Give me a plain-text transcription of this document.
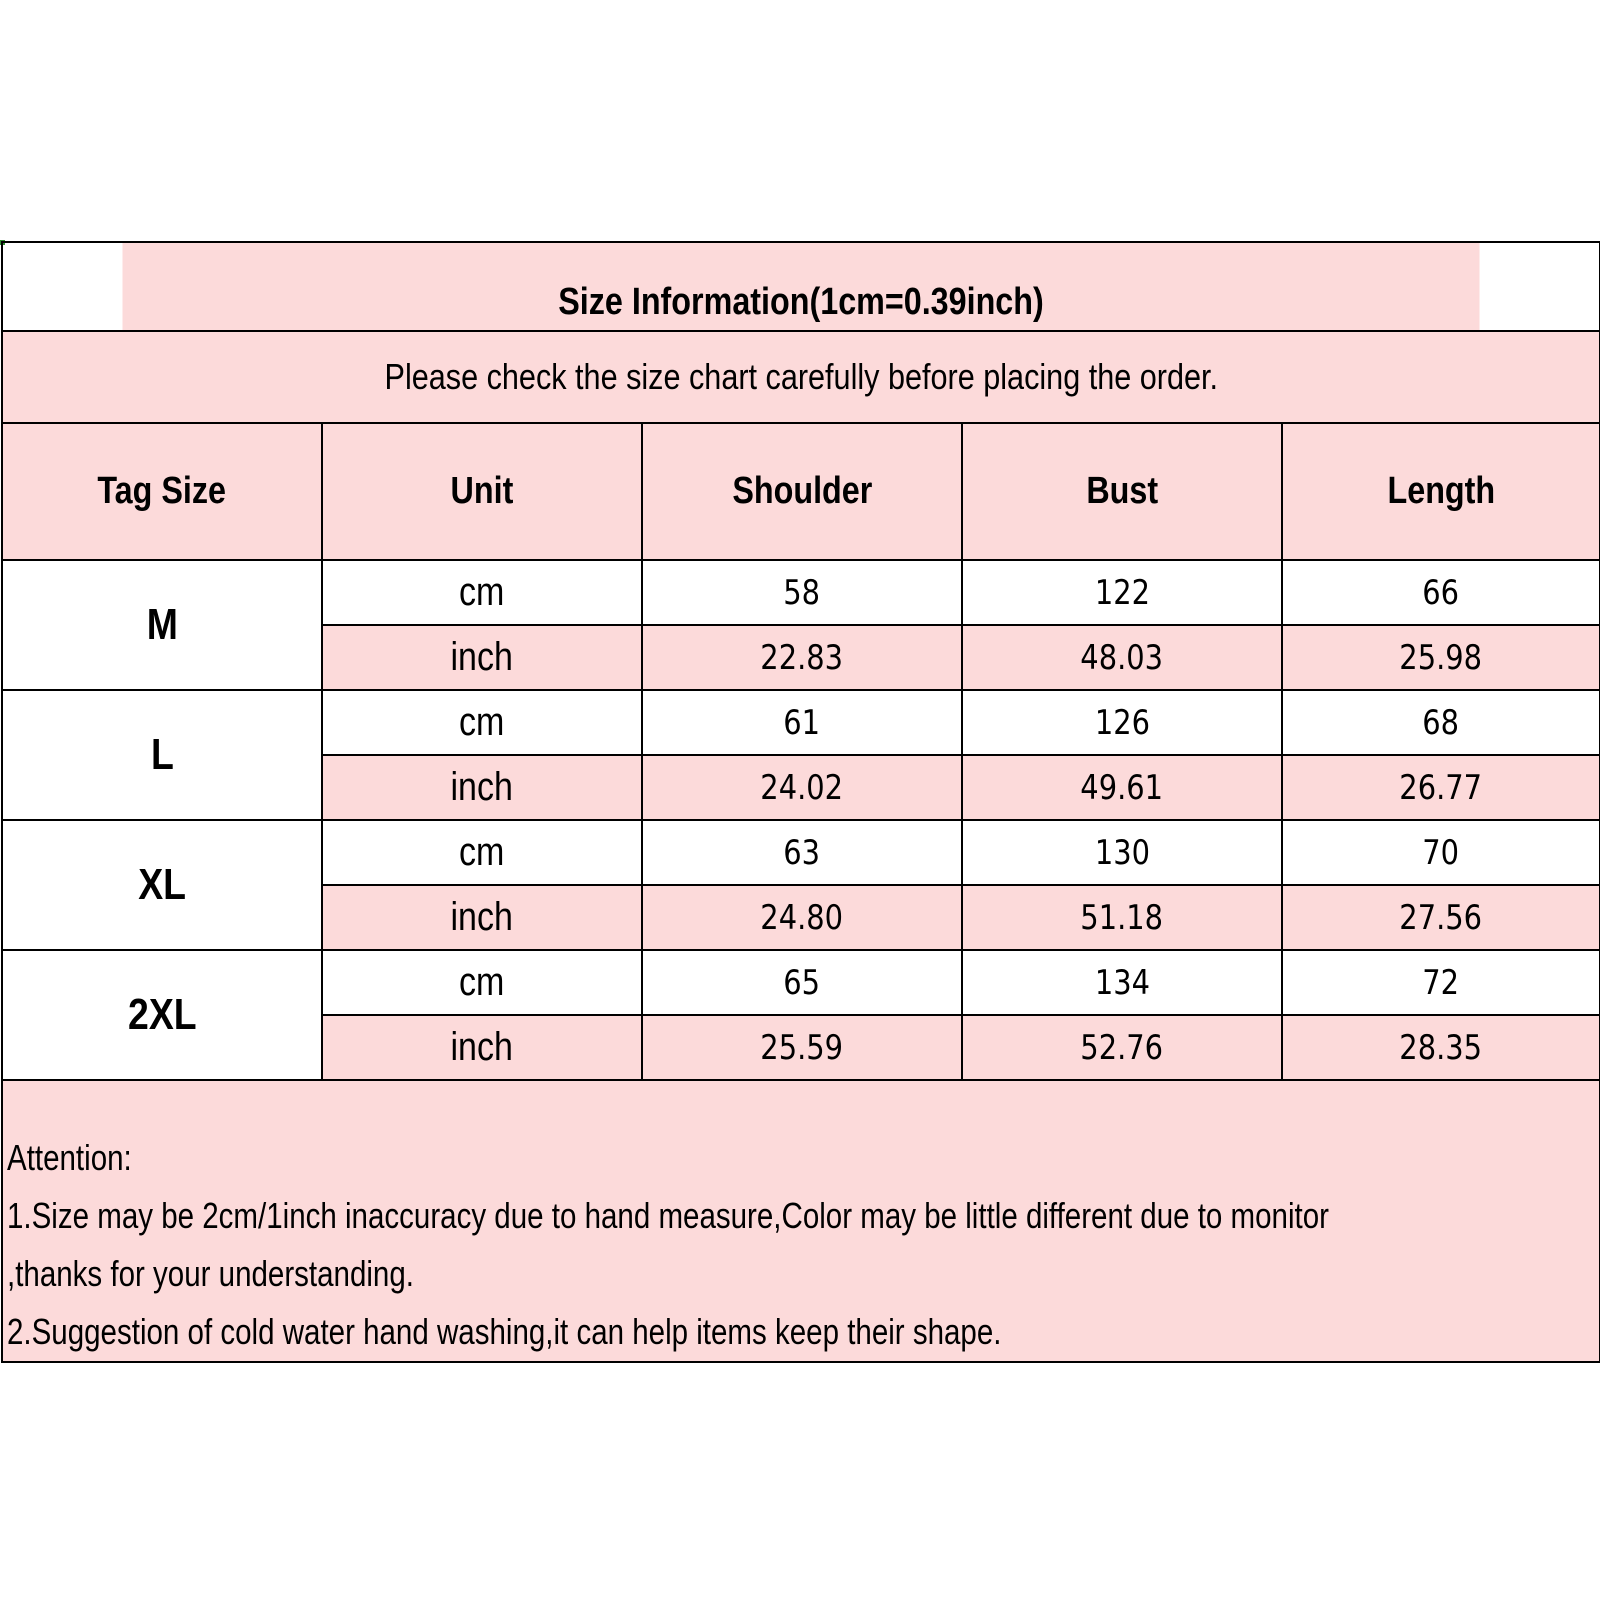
Size Information(1cm=0.39inch)				
Please check the size chart carefully before placing the order.				
Tag Size	Unit	Shoulder	Bust	Length
M	cm	58	122	66
	inch	22.83	48.03	25.98
L	cm	61	126	68
	inch	24.02	49.61	26.77
XL	cm	63	130	70
	inch	24.80	51.18	27.56
2XL	cm	65	134	72
	inch	25.59	52.76	28.35

Attention:
1.Size may be 2cm/1inch inaccuracy due to hand measure,Color may be little different due to monitor
,thanks for your understanding.
2.Suggestion of cold water hand washing,it can help items keep their shape.				
